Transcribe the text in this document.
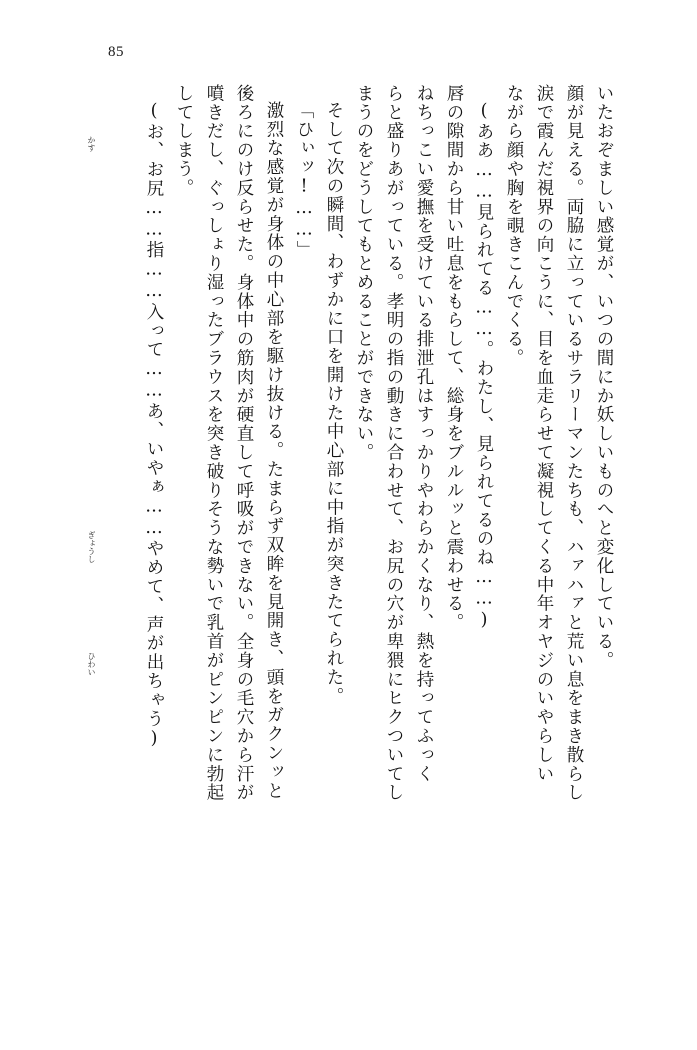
85
いたおぞましい感覚が、いつの間にか妖しいものへと変化している。
顔が見える。両脇に立っているサラリーマンたちも、ハァハァと荒い息をまき散らし
ぎょうし	涙で霞んだ視界の向こうに、目を血走らせて凝視してくる中年オヤジのいやらしい
かす	ながら顔や胸を覗きこんでくる。
(ああ……見られてる……。わたし、見られてるのね……)
唇の隙間から甘い吐息をもらして、総身をブルルッと震わせる。
ねちっこい愛撫を受けている排泄孔はすっかりやわらかくなり、熱を持ってふっく
らと盛りあがっている。孝明の指の動きに合わせて、お尻の穴が卑猥にヒクついてし
ひわい
まうのをどうしてもとめることができない。
そして次の瞬間、わずかに口を開けた中心部に中指が突きたてられた。
「ひぃッ!……」
激烈な感覚が身体の中心部を駆け抜ける。たまらず双眸を見開き、頭をガクンッと
後ろにのけ反らせた。身体中の筋肉が硬直して呼吸ができない。全身の毛穴から汗が
噴きだし、ぐっしょり湿ったブラウスを突き破りそうな勢いで乳首がピンピンに勃起
してしまう。
(お、お尻……指……入って……あ、いやぁ……やめて、声が出ちゃう)
